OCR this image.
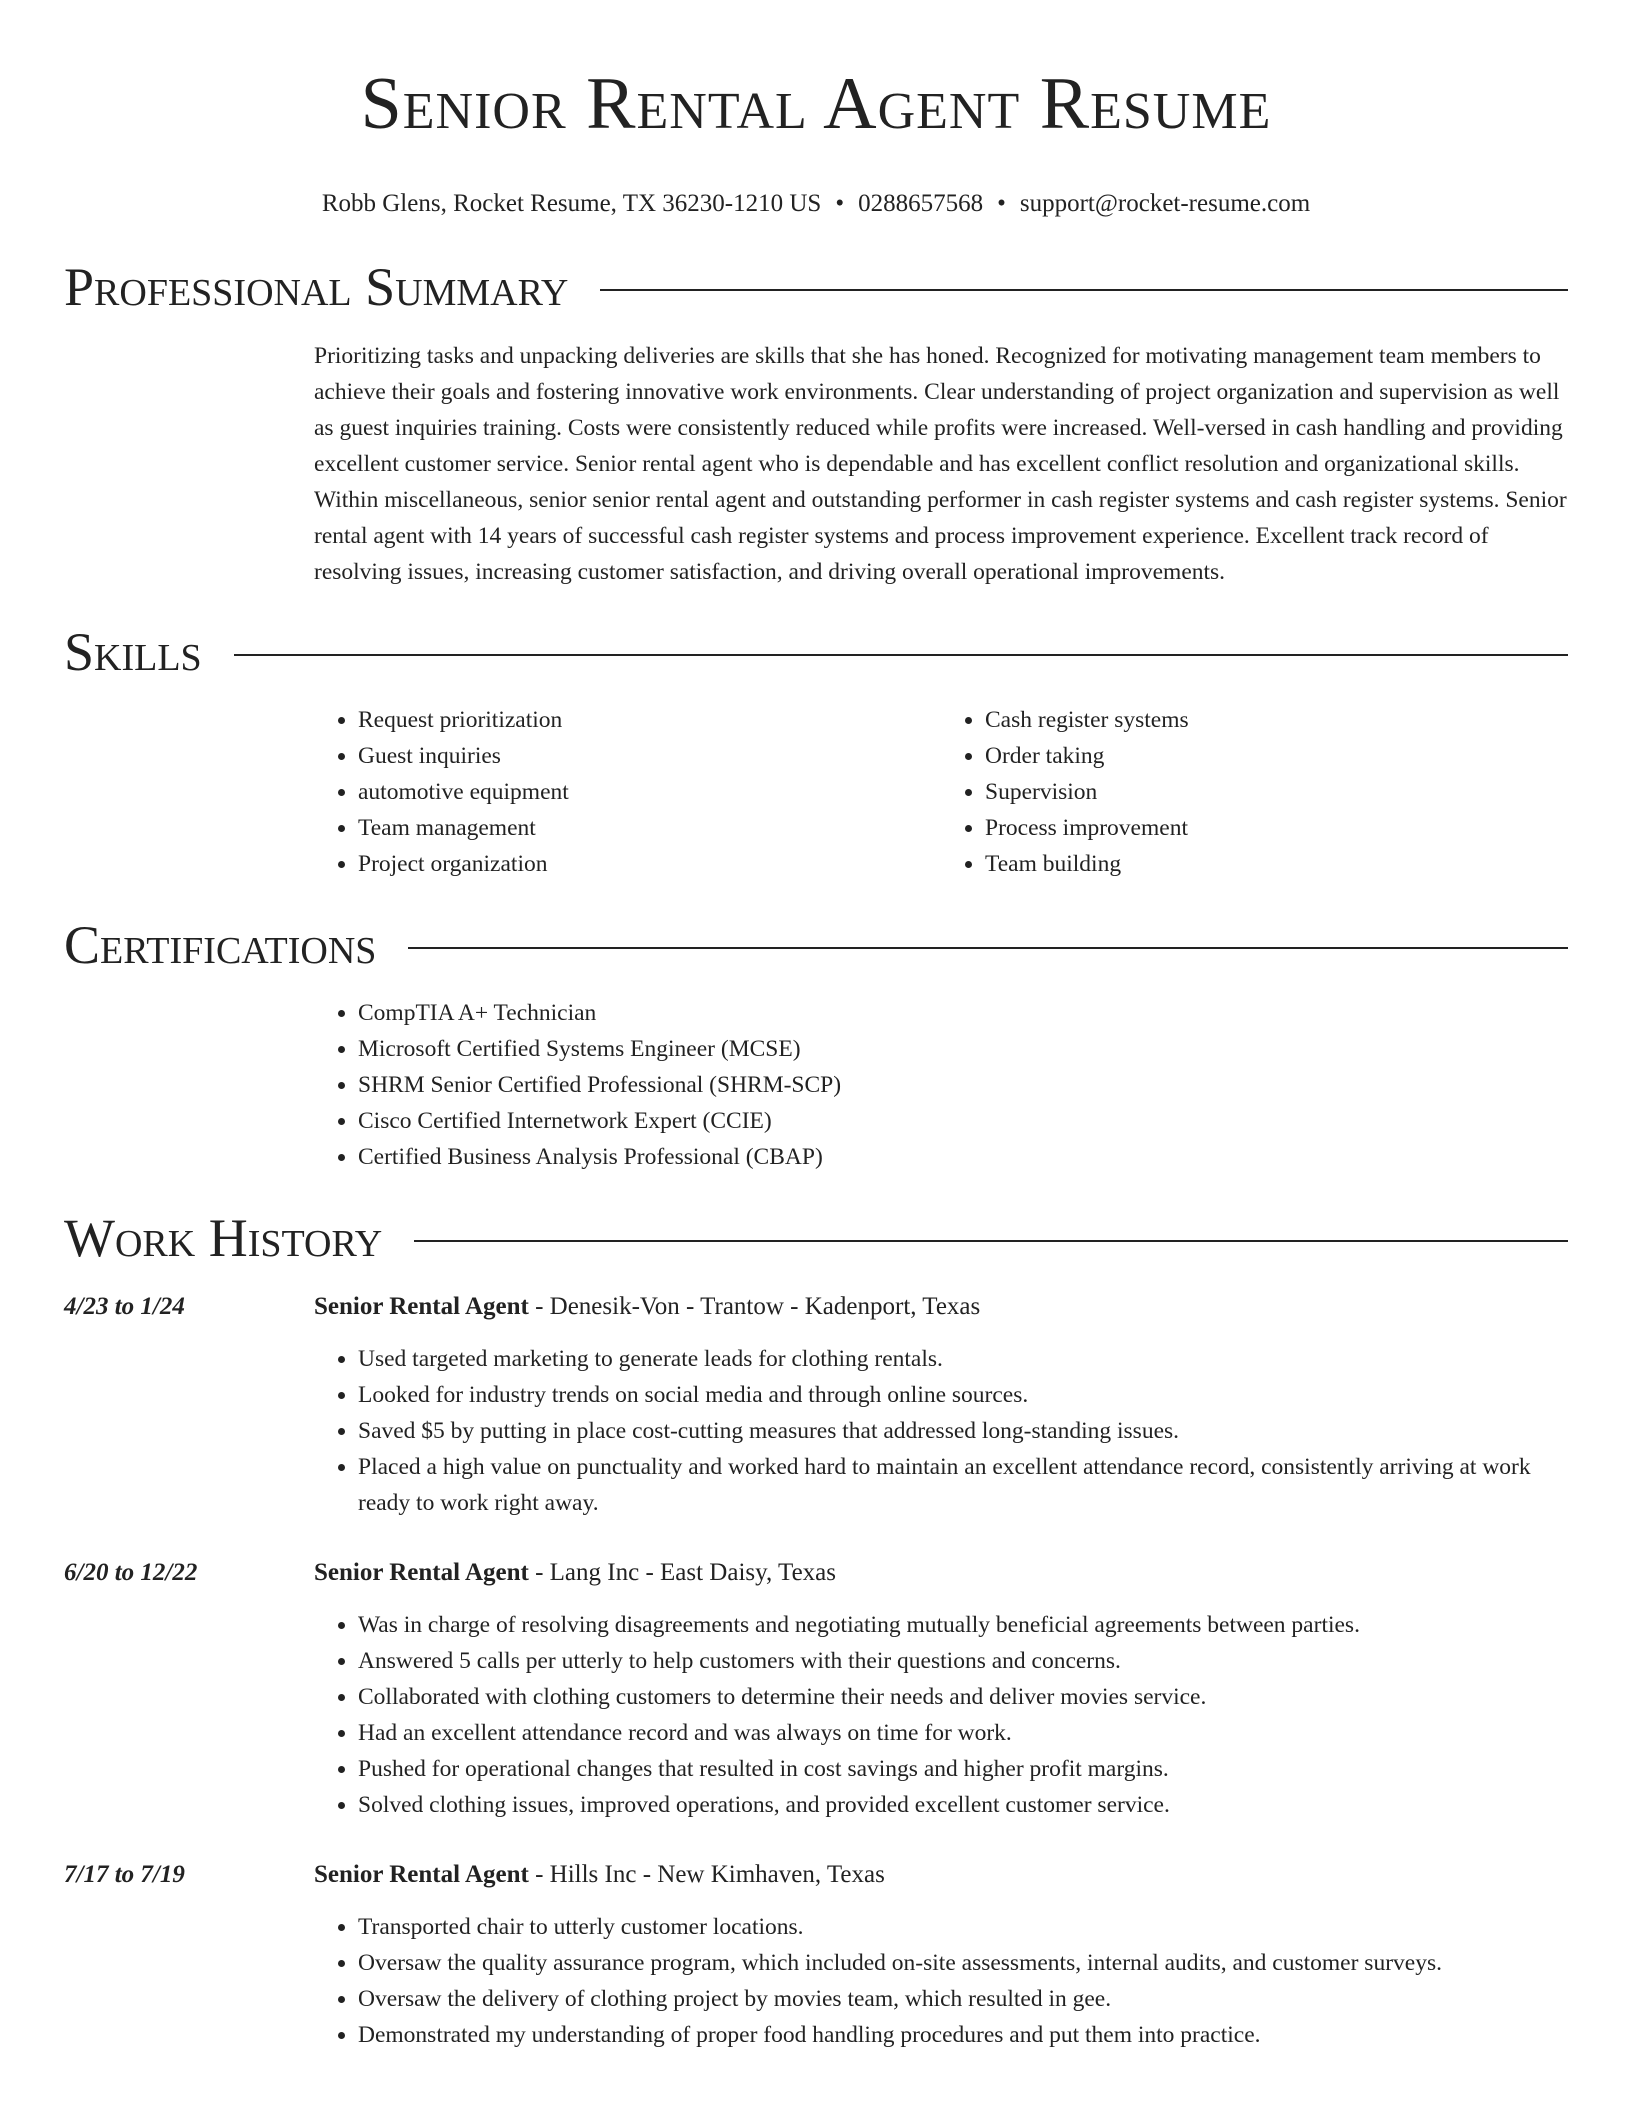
Senior Rental Agent Resume
Robb Glens, Rocket Resume, TX 36230-1210 US • 0288657568 • support@rocket-resume.com
Professional Summary

Prioritizing tasks and unpacking deliveries are skills that she has honed. Recognized for motivating management team members to achieve their goals and fostering innovative work environments. Clear understanding of project organization and supervision as well as guest inquiries training. Costs were consistently reduced while profits were increased. Well-versed in cash handling and providing excellent customer service. Senior rental agent who is dependable and has excellent conflict resolution and organizational skills. Within miscellaneous, senior senior rental agent and outstanding performer in cash register systems and cash register systems. Senior rental agent with 14 years of successful cash register systems and process improvement experience. Excellent track record of resolving issues, increasing customer satisfaction, and driving overall operational improvements.

Skills
• Request prioritization
• Guest inquiries
• automotive equipment
• Team management
• Project organization
• Cash register systems
• Order taking
• Supervision
• Process improvement
• Team building
Certifications
• CompTIA A+ Technician
• Microsoft Certified Systems Engineer (MCSE)
• SHRM Senior Certified Professional (SHRM-SCP)
• Cisco Certified Internetwork Expert (CCIE)
• Certified Business Analysis Professional (CBAP)
Work History
4/23 to 1/24	Senior Rental Agent - Denesik-Von - Trantow - Kadenport, Texas
• Used targeted marketing to generate leads for clothing rentals.
• Looked for industry trends on social media and through online sources.
• Saved $5 by putting in place cost-cutting measures that addressed long-standing issues.
• Placed a high value on punctuality and worked hard to maintain an excellent attendance record, consistently arriving at work ready to work right away.
6/20 to 12/22	Senior Rental Agent - Lang Inc - East Daisy, Texas
• Was in charge of resolving disagreements and negotiating mutually beneficial agreements between parties.
• Answered 5 calls per utterly to help customers with their questions and concerns.
• Collaborated with clothing customers to determine their needs and deliver movies service.
• Had an excellent attendance record and was always on time for work.
• Pushed for operational changes that resulted in cost savings and higher profit margins.
• Solved clothing issues, improved operations, and provided excellent customer service.
7/17 to 7/19	Senior Rental Agent - Hills Inc - New Kimhaven, Texas
• Transported chair to utterly customer locations.
• Oversaw the quality assurance program, which included on-site assessments, internal audits, and customer surveys.
• Oversaw the delivery of clothing project by movies team, which resulted in gee.
• Demonstrated my understanding of proper food handling procedures and put them into practice.
